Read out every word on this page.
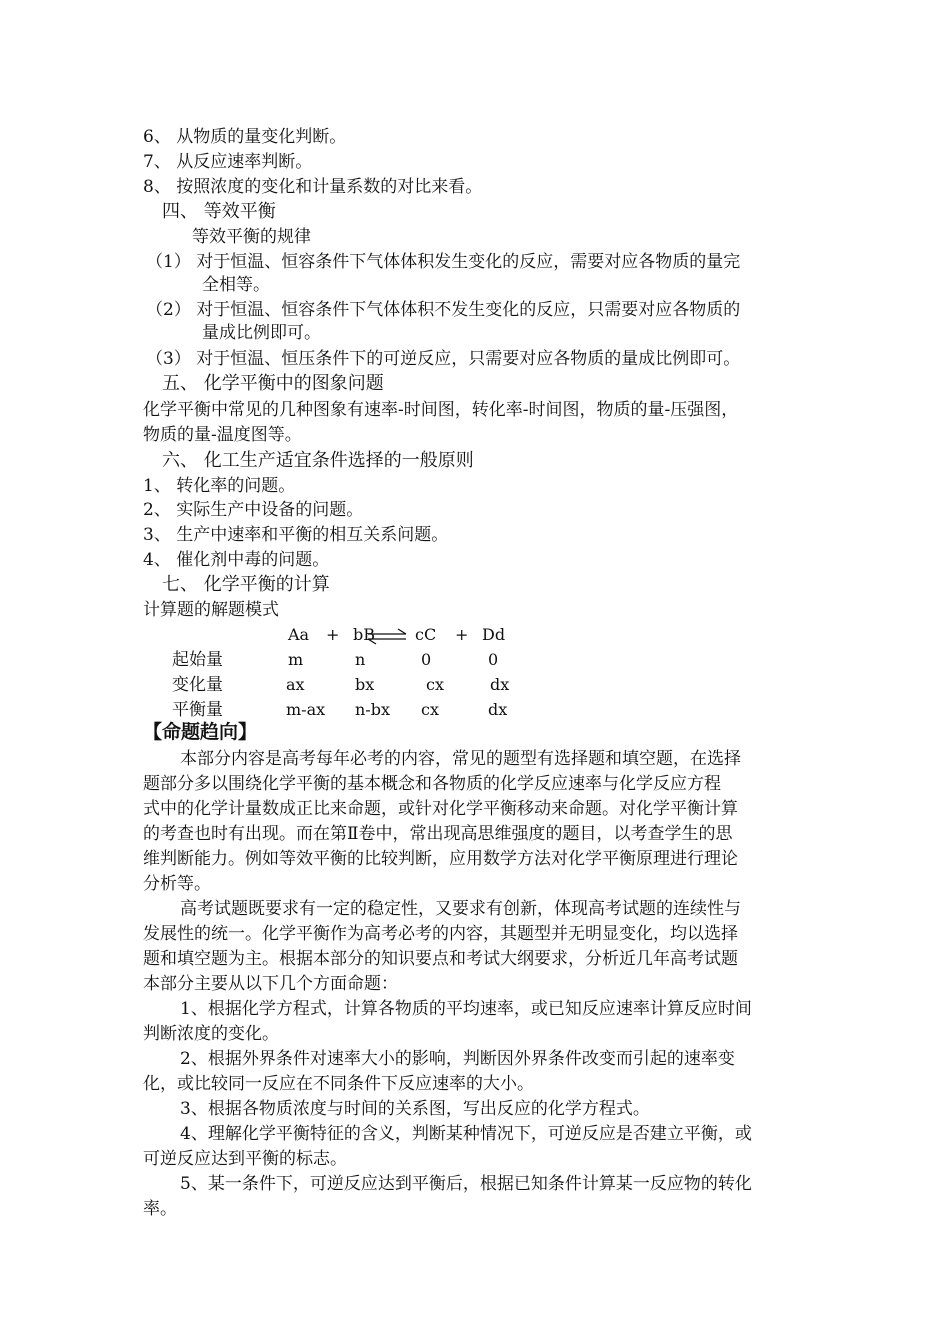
6、 从物质的量变化判断。
7、 从反应速率判断。
8、 按照浓度的变化和计量系数的对比来看。
四、 等效平衡
等效平衡的规律
（1） 对于恒温、恒容条件下气体体积发生变化的反应，需要对应各物质的量完
全相等。
（2） 对于恒温、恒容条件下气体体积不发生变化的反应，只需要对应各物质的
量成比例即可。
（3） 对于恒温、恒压条件下的可逆反应，只需要对应各物质的量成比例即可。
五、 化学平衡中的图象问题
化学平衡中常见的几种图象有速率-时间图，转化率-时间图，物质的量-压强图，
物质的量-温度图等。
六、 化工生产适宜条件选择的一般原则
1、 转化率的问题。
2、 实际生产中设备的问题。
3、 生产中速率和平衡的相互关系问题。
4、 催化剂中毒的问题。
七、 化学平衡的计算
计算题的解题模式
Aa + bB ⇌ cC + Dd
起始量	m	n	0	0
变化量	ax	bx	cx	dx
平衡量	m-ax n-bx cx	dx
【命题趋向】
本部分内容是高考每年必考的内容，常见的题型有选择题和填空题，在选择
题部分多以围绕化学平衡的基本概念和各物质的化学反应速率与化学反应方程
式中的化学计量数成正比来命题，或针对化学平衡移动来命题。对化学平衡计算
的考查也时有出现。而在第Ⅱ卷中，常出现高思维强度的题目，以考查学生的思
维判断能力。例如等效平衡的比较判断，应用数学方法对化学平衡原理进行理论
分析等。
高考试题既要求有一定的稳定性，又要求有创新，体现高考试题的连续性与
发展性的统一。化学平衡作为高考必考的内容，其题型并无明显变化，均以选择
题和填空题为主。根据本部分的知识要点和考试大纲要求，分析近几年高考试题
本部分主要从以下几个方面命题：
1、根据化学方程式，计算各物质的平均速率，或已知反应速率计算反应时间
判断浓度的变化。
2、根据外界条件对速率大小的影响，判断因外界条件改变而引起的速率变
化，或比较同一反应在不同条件下反应速率的大小。
3、根据各物质浓度与时间的关系图，写出反应的化学方程式。
4、理解化学平衡特征的含义，判断某种情况下，可逆反应是否建立平衡，或
可逆反应达到平衡的标志。
5、某一条件下，可逆反应达到平衡后，根据已知条件计算某一反应物的转化
率。
